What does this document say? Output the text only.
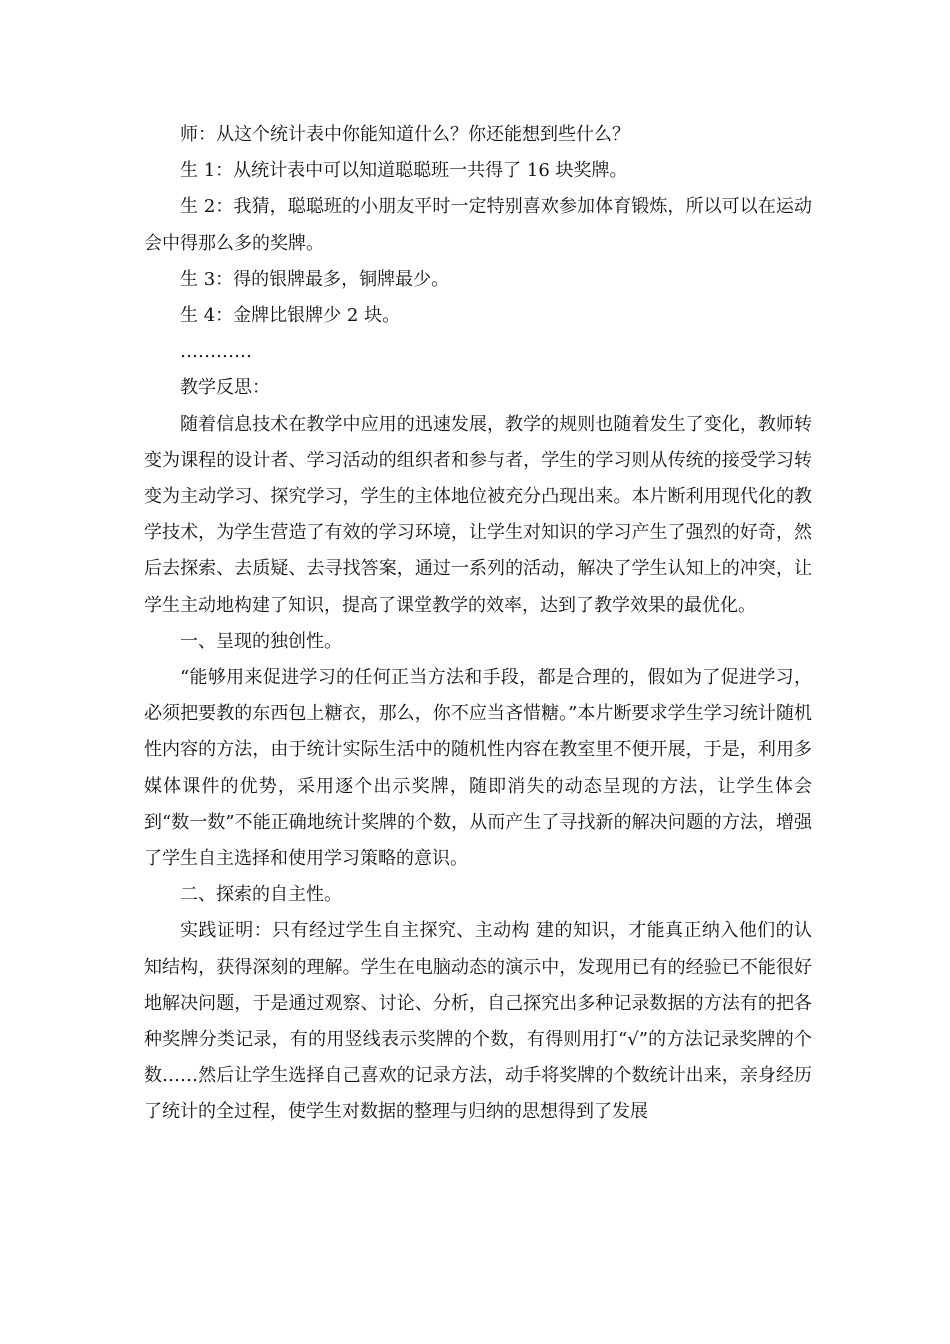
师：从这个统计表中你能知道什么？你还能想到些什么？

生 1：从统计表中可以知道聪聪班一共得了 16 块奖牌。

生 2：我猜，聪聪班的小朋友平时一定特别喜欢参加体育锻炼，所以可以在运动会中得那么多的奖牌。

生 3：得的银牌最多，铜牌最少。

生 4：金牌比银牌少 2 块。

…………

教学反思：

随着信息技术在教学中应用的迅速发展，教学的规则也随着发生了变化，教师转变为课程的设计者、学习活动的组织者和参与者，学生的学习则从传统的接受学习转变为主动学习、探究学习，学生的主体地位被充分凸现出来。本片断利用现代化的教学技术，为学生营造了有效的学习环境，让学生对知识的学习产生了强烈的好奇，然后去探索、去质疑、去寻找答案，通过一系列的活动，解决了学生认知上的冲突，让学生主动地构建了知识，提高了课堂教学的效率，达到了教学效果的最优化。

一、呈现的独创性。

“能够用来促进学习的任何正当方法和手段，都是合理的，假如为了促进学习，必须把要教的东西包上糖衣，那么，你不应当吝惜糖。”本片断要求学生学习统计随机性内容的方法，由于统计实际生活中的随机性内容在教室里不便开展，于是，利用多媒体课件的优势，采用逐个出示奖牌，随即消失的动态呈现的方法，让学生体会到“数一数”不能正确地统计奖牌的个数，从而产生了寻找新的解决问题的方法，增强了学生自主选择和使用学习策略的意识。

二、探索的自主性。

实践证明：只有经过学生自主探究、主动构 建的知识，才能真正纳入他们的认知结构，获得深刻的理解。学生在电脑动态的演示中，发现用已有的经验已不能很好地解决问题，于是通过观察、讨论、分析，自己探究出多种记录数据的方法有的把各种奖牌分类记录，有的用竖线表示奖牌的个数，有得则用打“√”的方法记录奖牌的个数……然后让学生选择自己喜欢的记录方法，动手将奖牌的个数统计出来，亲身经历了统计的全过程，使学生对数据的整理与归纳的思想得到了发展
